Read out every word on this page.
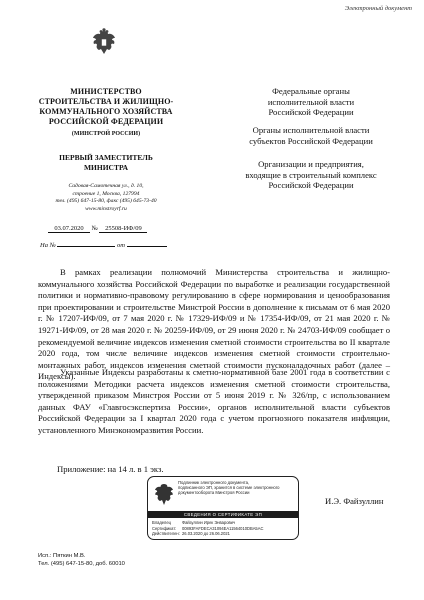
Электронный документ
МИНИСТЕРСТВО
СТРОИТЕЛЬСТВА И ЖИЛИЩНО-
КОММУНАЛЬНОГО ХОЗЯЙСТВА
РОССИЙСКОЙ ФЕДЕРАЦИИ
(МИНСТРОЙ РОССИИ)
ПЕРВЫЙ ЗАМЕСТИТЕЛЬ
МИНИСТРА
Садовая-Самотечная ул., д. 10,
строение 1, Москва, 127994
тел. (495) 647-15-80, факс (495) 645-73-40
www.minstroyrf.ru
03.07.2020 № 25508-ИФ/09
На №	от
Федеральные органы
исполнительной власти
Российской Федерации
Органы исполнительной власти
субъектов Российской Федерации
Организации и предприятия,
входящие в строительный комплекс
Российской Федерации
В рамках реализации полномочий Министерства строительства и жилищно-коммунального хозяйства Российской Федерации по выработке и реализации государственной политики и нормативно-правовому регулированию в сфере нормирования и ценообразования при проектировании и строительстве Минстрой России в дополнение к письмам от 6 мая 2020 г. № 17207-ИФ/09, от 7 мая 2020 г. № 17329-ИФ/09 и № 17354-ИФ/09, от 21 мая 2020 г. № 19271-ИФ/09, от 28 мая 2020 г. № 20259-ИФ/09, от 29 июня 2020 г. № 24703-ИФ/09 сообщает о рекомендуемой величине индексов изменения сметной стоимости строительства во II квартале 2020 года, том числе величине индексов изменения сметной стоимости строительно-монтажных работ, индексов изменения сметной стоимости пусконаладочных работ (далее – Индексы).
Указанные Индексы разработаны к сметно-нормативной базе 2001 года в соответствии с положениями Методики расчета индексов изменения сметной стоимости строительства, утвержденной приказом Минстроя России от 5 июня 2019 г. № 326/пр, с использованием данных ФАУ «Главгосэкспертиза России», органов исполнительной власти субъектов Российской Федерации за I квартал 2020 года с учетом прогнозного показателя инфляции, установленного Минэкономразвития России.
Приложение: на 14 л. в 1 экз.
Подлинник электронного документа,
подписанного ЭП, хранится в системе электронного
документооборота Минстроя России
СВЕДЕНИЯ О СЕРТИФИКАТЕ ЭП
Владелец	Файзуллин Ирек Энварович
Сертификат: 00893FAFDECA31094EA11564010DBA5AC
Действителен: 26.03.2020 до 26.06.2021
И.Э. Файзуллин
Исп.: Пяткин М.В.
Тел. (495) 647-15-80, доб. 60010
